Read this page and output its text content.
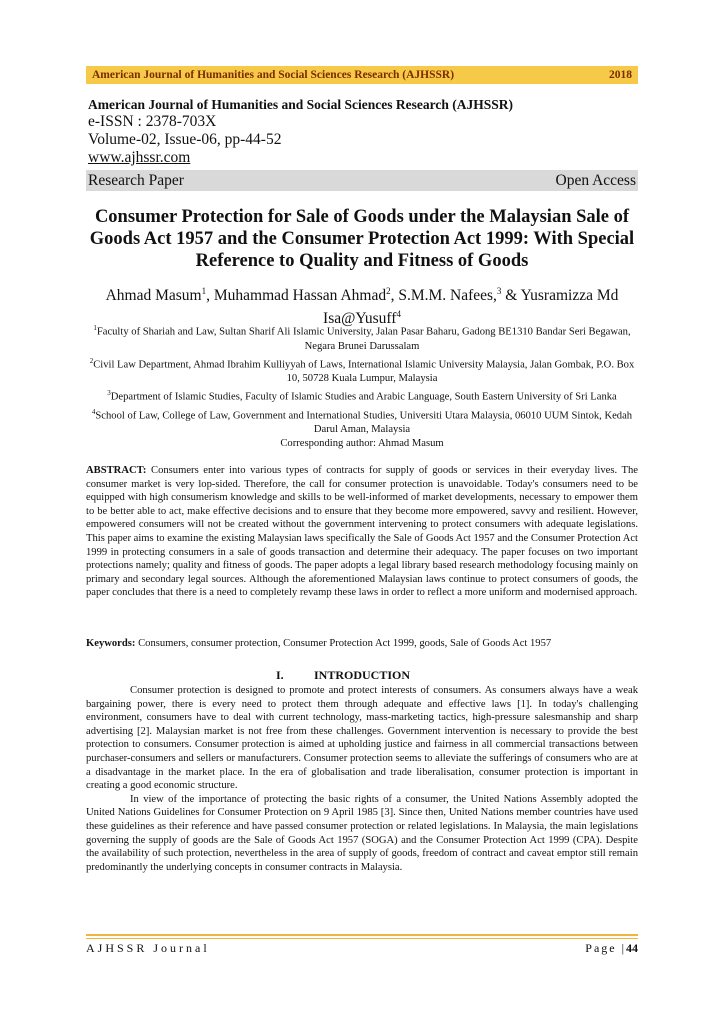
American Journal of Humanities and Social Sciences Research (AJHSSR)	2018
American Journal of Humanities and Social Sciences Research (AJHSSR)
e-ISSN : 2378-703X
Volume-02, Issue-06, pp-44-52
www.ajhssr.com
Research Paper	Open Access
Consumer Protection for Sale of Goods under the Malaysian Sale of Goods Act 1957 and the Consumer Protection Act 1999: With Special Reference to Quality and Fitness of Goods
Ahmad Masum$^1$, Muhammad Hassan Ahmad$^2$, S.M.M. Nafees,$^3$ & Yusramizza Md Isa@Yusuff$^4$
$^1$Faculty of Shariah and Law, Sultan Sharif Ali Islamic University, Jalan Pasar Baharu, Gadong BE1310 Bandar Seri Begawan, Negara Brunei Darussalam
$^2$Civil Law Department, Ahmad Ibrahim Kulliyyah of Laws, International Islamic University Malaysia, Jalan Gombak, P.O. Box 10, 50728 Kuala Lumpur, Malaysia
$^3$Department of Islamic Studies, Faculty of Islamic Studies and Arabic Language, South Eastern University of Sri Lanka
$^4$School of Law, College of Law, Government and International Studies, Universiti Utara Malaysia, 06010 UUM Sintok, Kedah Darul Aman, Malaysia
Corresponding author: Ahmad Masum
ABSTRACT: Consumers enter into various types of contracts for supply of goods or services in their everyday lives. The consumer market is very lop-sided. Therefore, the call for consumer protection is unavoidable. Today's consumers need to be equipped with high consumerism knowledge and skills to be well-informed of market developments, necessary to empower them to be better able to act, make effective decisions and to ensure that they become more empowered, savvy and resilient. However, empowered consumers will not be created without the government intervening to protect consumers with adequate legislations. This paper aims to examine the existing Malaysian laws specifically the Sale of Goods Act 1957 and the Consumer Protection Act 1999 in protecting consumers in a sale of goods transaction and determine their adequacy. The paper focuses on two important protections namely; quality and fitness of goods. The paper adopts a legal library based research methodology focusing mainly on primary and secondary legal sources. Although the aforementioned Malaysian laws continue to protect consumers of goods, the paper concludes that there is a need to completely revamp these laws in order to reflect a more uniform and modernised approach.
Keywords: Consumers, consumer protection, Consumer Protection Act 1999, goods, Sale of Goods Act 1957
I.	INTRODUCTION

Consumer protection is designed to promote and protect interests of consumers. As consumers always have a weak bargaining power, there is every need to protect them through adequate and effective laws [1]. In today's challenging environment, consumers have to deal with current technology, mass-marketing tactics, high-pressure salesmanship and sharp advertising [2]. Malaysian market is not free from these challenges. Government intervention is necessary to provide the best protection to consumers. Consumer protection is aimed at upholding justice and fairness in all commercial transactions between purchaser-consumers and sellers or manufacturers. Consumer protection seems to alleviate the sufferings of consumers who are at a disadvantage in the market place. In the era of globalisation and trade liberalisation, consumer protection is important in creating a good economic structure.

In view of the importance of protecting the basic rights of a consumer, the United Nations Assembly adopted the United Nations Guidelines for Consumer Protection on 9 April 1985 [3]. Since then, United Nations member countries have used these guidelines as their reference and have passed consumer protection or related legislations. In Malaysia, the main legislations governing the supply of goods are the Sale of Goods Act 1957 (SOGA) and the Consumer Protection Act 1999 (CPA). Despite the availability of such protection, nevertheless in the area of supply of goods, freedom of contract and caveat emptor still remain predominantly the underlying concepts in consumer contracts in Malaysia.

AJHSSR Journal	Page |44
